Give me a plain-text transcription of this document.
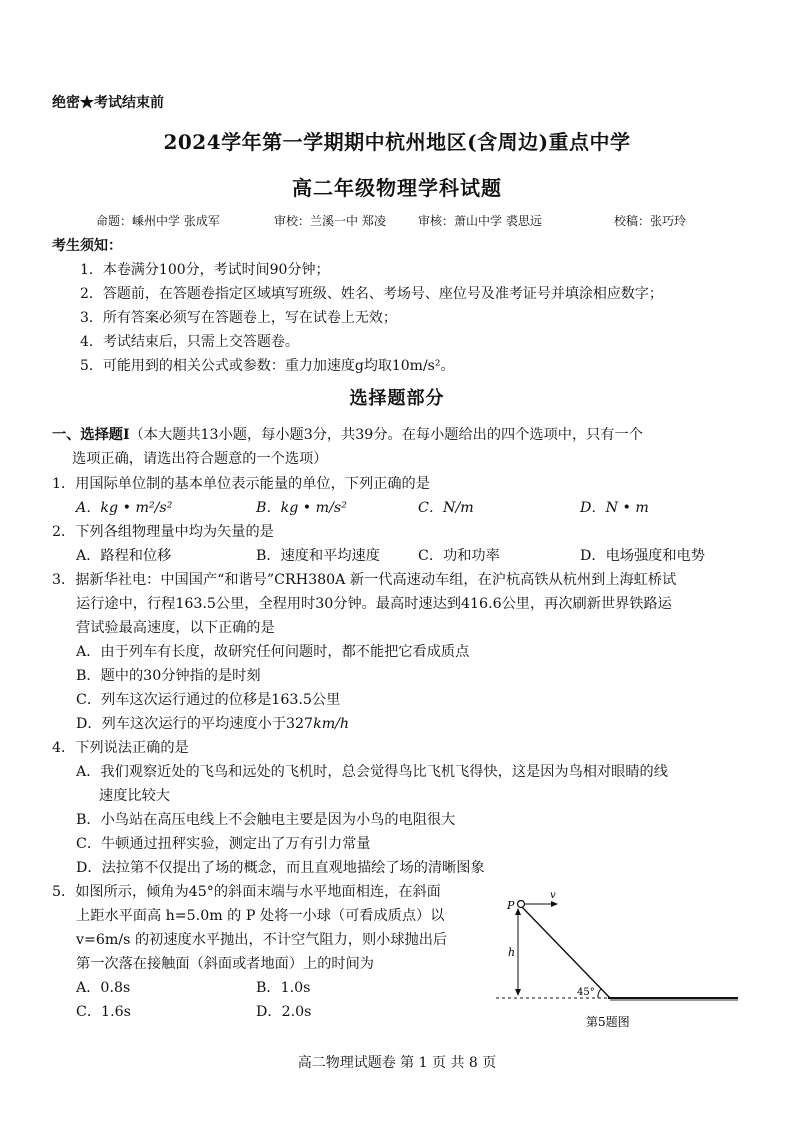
绝密★考试结束前
2024学年第一学期期中杭州地区(含周边)重点中学
高二年级物理学科试题
命题：嵊州中学 张成军	审校：兰溪一中 郑凌	审核：萧山中学 裘思远	校稿：张巧玲
考生须知：
1．本卷满分100分，考试时间90分钟；
2．答题前，在答题卷指定区域填写班级、姓名、考场号、座位号及准考证号并填涂相应数字；
3．所有答案必须写在答题卷上，写在试卷上无效；
4．考试结束后，只需上交答题卷。
5．可能用到的相关公式或参数：重力加速度g均取10m/s²。
选择题部分
一、选择题Ⅰ（本大题共13小题，每小题3分，共39分。在每小题给出的四个选项中，只有一个
选项正确，请选出符合题意的一个选项）
1．用国际单位制的基本单位表示能量的单位，下列正确的是
A．kg • m²/s²	B．kg • m/s²	C．N/m	D．N • m
2．下列各组物理量中均为矢量的是
A．路程和位移	B．速度和平均速度	C．功和功率	D．电场强度和电势
3．据新华社电：中国国产“和谐号”CRH380A 新一代高速动车组，在沪杭高铁从杭州到上海虹桥试
运行途中，行程163.5公里，全程用时30分钟。最高时速达到416.6公里，再次刷新世界铁路运
营试验最高速度，以下正确的是
A．由于列车有长度，故研究任何问题时，都不能把它看成质点
B．题中的30分钟指的是时刻
C．列车这次运行通过的位移是163.5公里
D．列车这次运行的平均速度小于327km/h
4．下列说法正确的是
A．我们观察近处的飞鸟和远处的飞机时，总会觉得鸟比飞机飞得快，这是因为鸟相对眼睛的线
速度比较大
B．小鸟站在高压电线上不会触电主要是因为小鸟的电阻很大
C．牛顿通过扭秤实验，测定出了万有引力常量
D．法拉第不仅提出了场的概念，而且直观地描绘了场的清晰图象
5．如图所示，倾角为45°的斜面末端与水平地面相连，在斜面
上距水平面高 h=5.0m 的 P 处将一小球（可看成质点）以
v=6m/s 的初速度水平抛出，不计空气阻力，则小球抛出后
第一次落在接触面（斜面或者地面）上的时间为
A．0.8s	B．1.0s
C．1.6s	D．2.0s
P
v
h
45°
第5题图
高二物理试题卷 第 1 页 共 8 页
